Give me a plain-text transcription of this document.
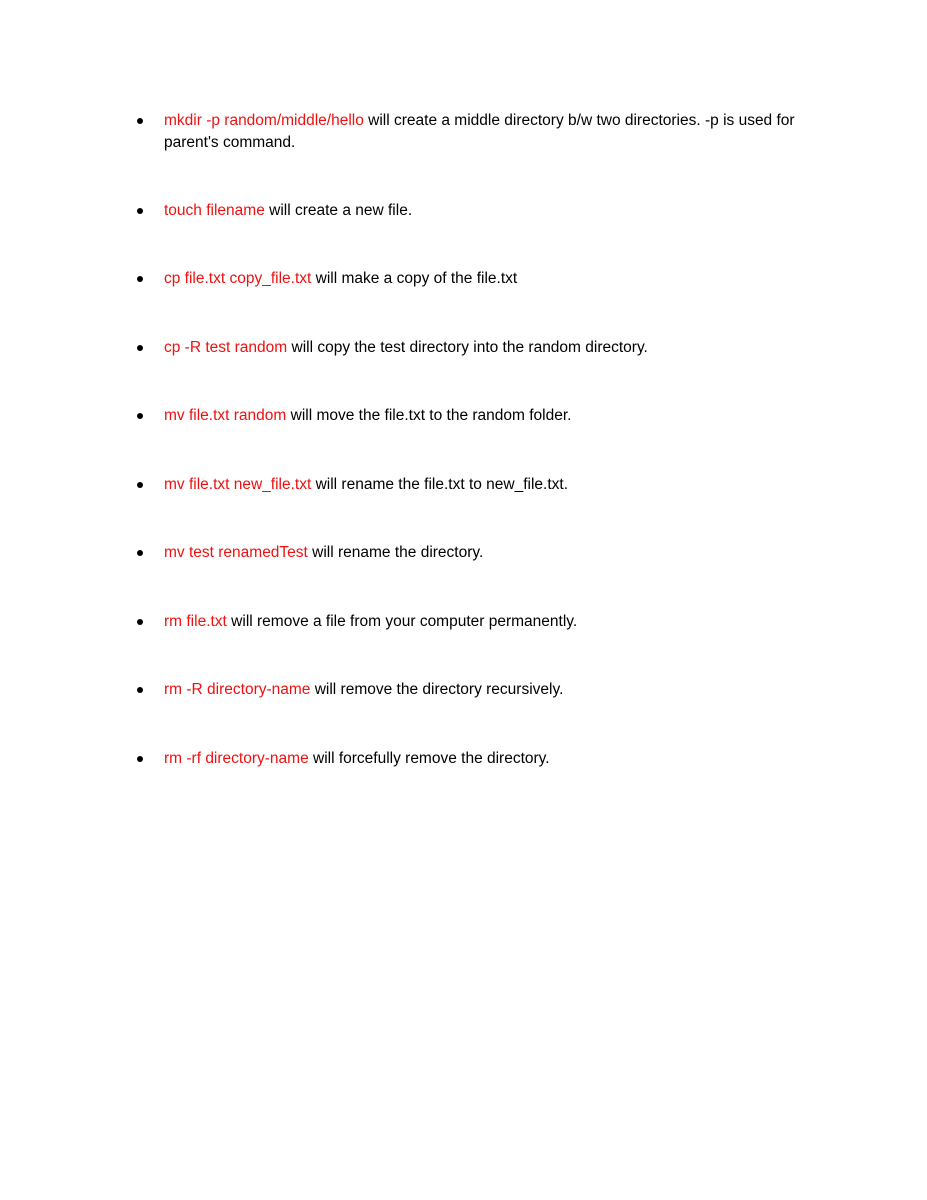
mkdir -p random/middle/hello will create a middle directory b/w two directories. -p is used for parent's command.
touch filename will create a new file.
cp file.txt copy_file.txt will make a copy of the file.txt
cp -R test random will copy the test directory into the random directory.
mv file.txt random will move the file.txt to the random folder.
mv file.txt new_file.txt will rename the file.txt to new_file.txt.
mv test renamedTest will rename the directory.
rm file.txt will remove a file from your computer permanently.
rm -R directory-name will remove the directory recursively.
rm -rf directory-name will forcefully remove the directory.
